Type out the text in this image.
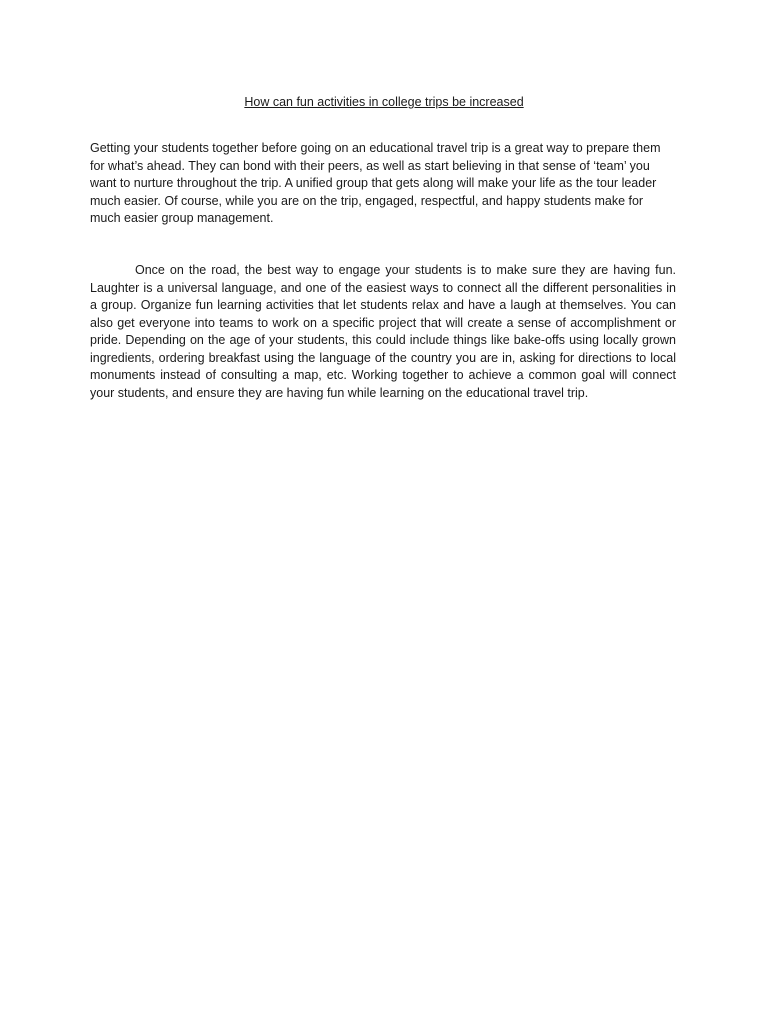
How can fun activities in college trips be increased

Getting your students together before going on an educational travel trip is a great way to prepare them for what’s ahead. They can bond with their peers, as well as start believing in that sense of ‘team’ you want to nurture throughout the trip. A unified group that gets along will make your life as the tour leader much easier. Of course, while you are on the trip, engaged, respectful, and happy students make for much easier group management.

Once on the road, the best way to engage your students is to make sure they are having fun. Laughter is a universal language, and one of the easiest ways to connect all the different personalities in a group. Organize fun learning activities that let students relax and have a laugh at themselves. You can also get everyone into teams to work on a specific project that will create a sense of accomplishment or pride. Depending on the age of your students, this could include things like bake-offs using locally grown ingredients, ordering breakfast using the language of the country you are in, asking for directions to local monuments instead of consulting a map, etc. Working together to achieve a common goal will connect your students, and ensure they are having fun while learning on the educational travel trip.
